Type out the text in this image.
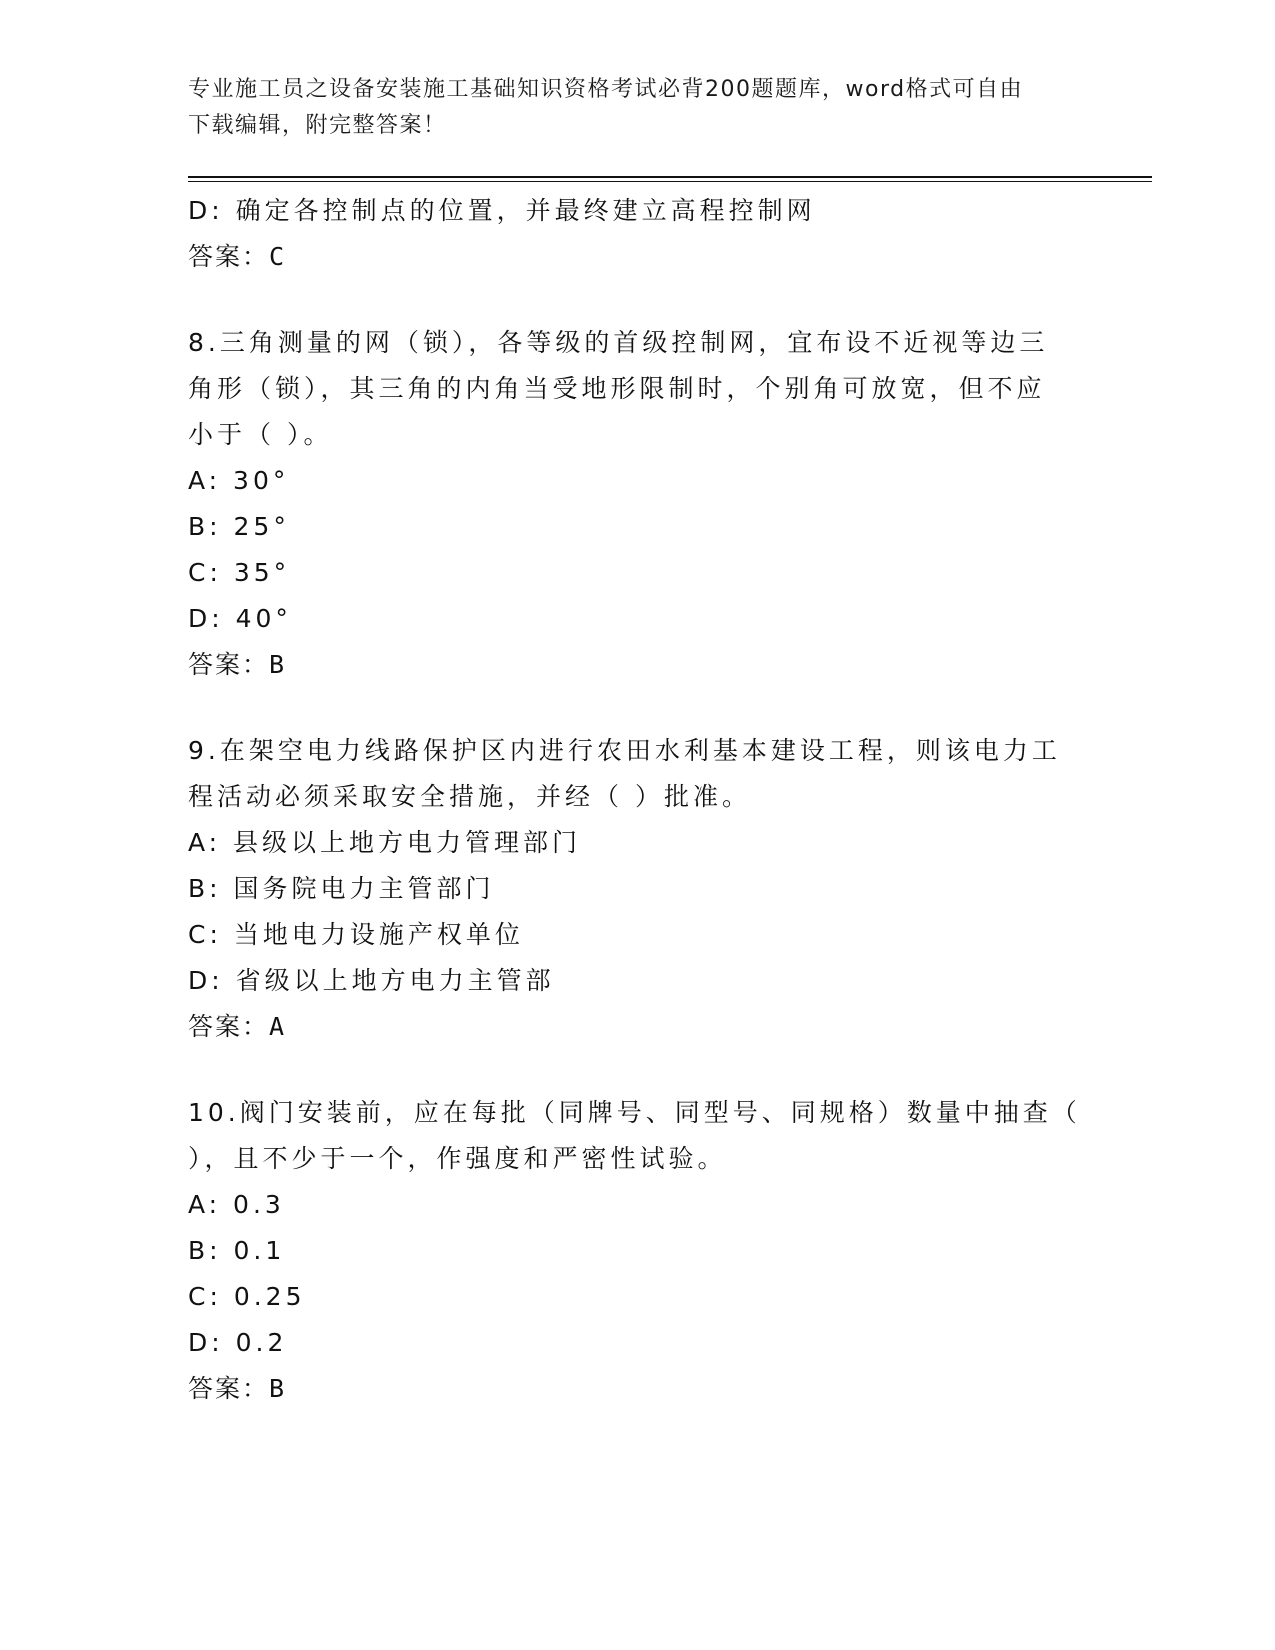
专业施工员之设备安装施工基础知识资格考试必背200题题库，word格式可自由
下载编辑，附完整答案！

D: 确定各控制点的位置，并最终建立高程控制网

答案：C

8.三角测量的网（锁），各等级的首级控制网，宜布设不近视等边三

角形（锁），其三角的内角当受地形限制时，个别角可放宽，但不应

小于（ ）。

A: 30°

B: 25°

C: 35°

D: 40°

答案：B

9.在架空电力线路保护区内进行农田水利基本建设工程，则该电力工

程活动必须采取安全措施，并经（ ）批准。

A: 县级以上地方电力管理部门

B: 国务院电力主管部门

C: 当地电力设施产权单位

D: 省级以上地方电力主管部

答案：A

10.阀门安装前，应在每批（同牌号、同型号、同规格）数量中抽查（

），且不少于一个，作强度和严密性试验。

A: 0.3

B: 0.1

C: 0.25

D: 0.2

答案：B
